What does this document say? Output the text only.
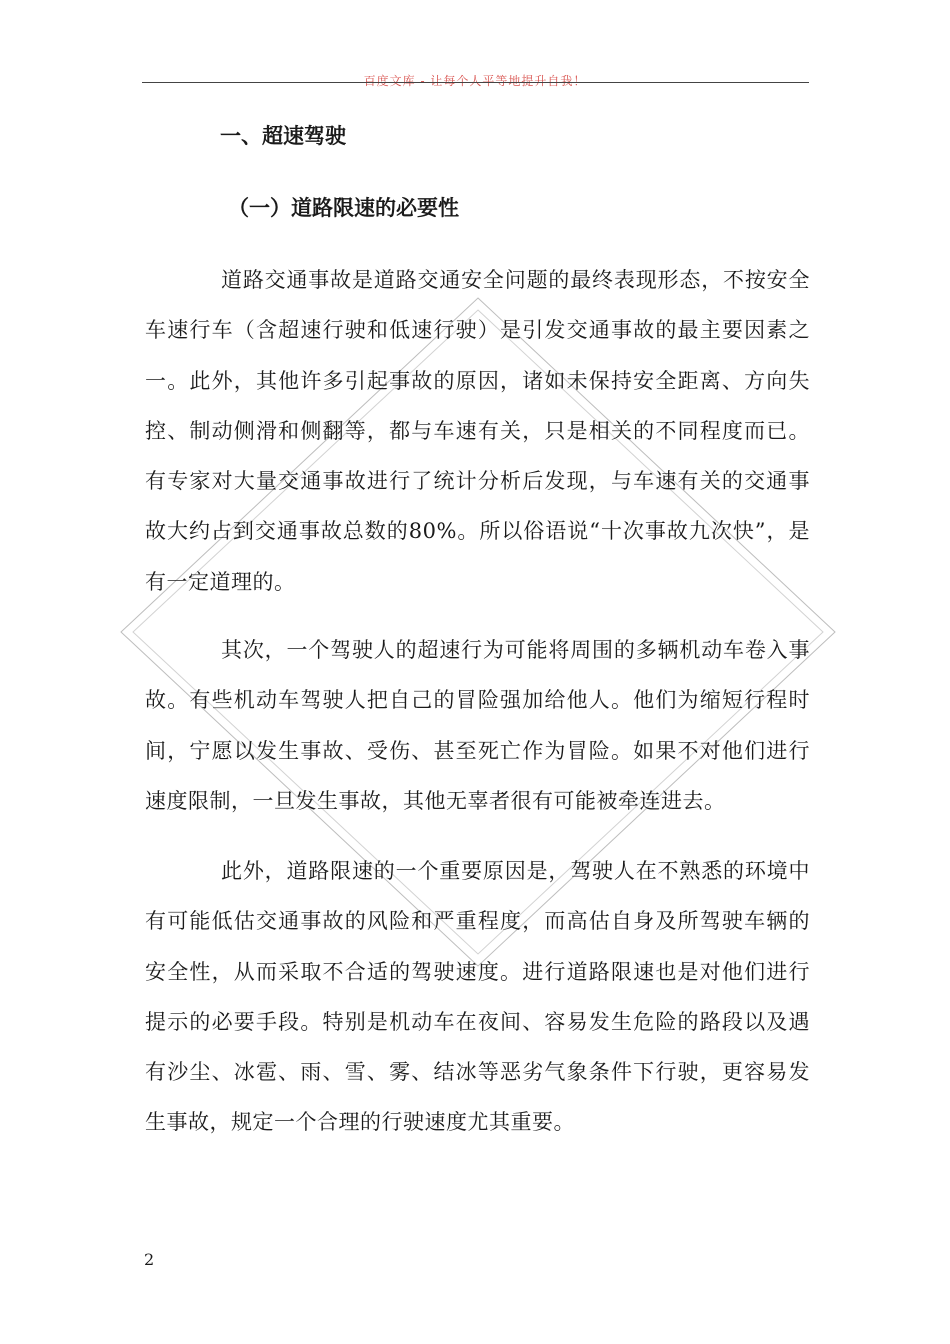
百度文库 - 让每个人平等地提升自我！
一、超速驾驶
（一）道路限速的必要性

道路交通事故是道路交通安全问题的最终表现形态，不按安全车速行车（含超速行驶和低速行驶）是引发交通事故的最主要因素之一。此外，其他许多引起事故的原因，诸如未保持安全距离、方向失控、制动侧滑和侧翻等，都与车速有关，只是相关的不同程度而已。有专家对大量交通事故进行了统计分析后发现，与车速有关的交通事故大约占到交通事故总数的80%。所以俗语说“十次事故九次快”，是有一定道理的。

其次，一个驾驶人的超速行为可能将周围的多辆机动车卷入事故。有些机动车驾驶人把自己的冒险强加给他人。他们为缩短行程时间，宁愿以发生事故、受伤、甚至死亡作为冒险。如果不对他们进行速度限制，一旦发生事故，其他无辜者很有可能被牵连进去。

此外，道路限速的一个重要原因是，驾驶人在不熟悉的环境中有可能低估交通事故的风险和严重程度，而高估自身及所驾驶车辆的安全性，从而采取不合适的驾驶速度。进行道路限速也是对他们进行提示的必要手段。特别是机动车在夜间、容易发生危险的路段以及遇有沙尘、冰雹、雨、雪、雾、结冰等恶劣气象条件下行驶，更容易发生事故，规定一个合理的行驶速度尤其重要。

2
